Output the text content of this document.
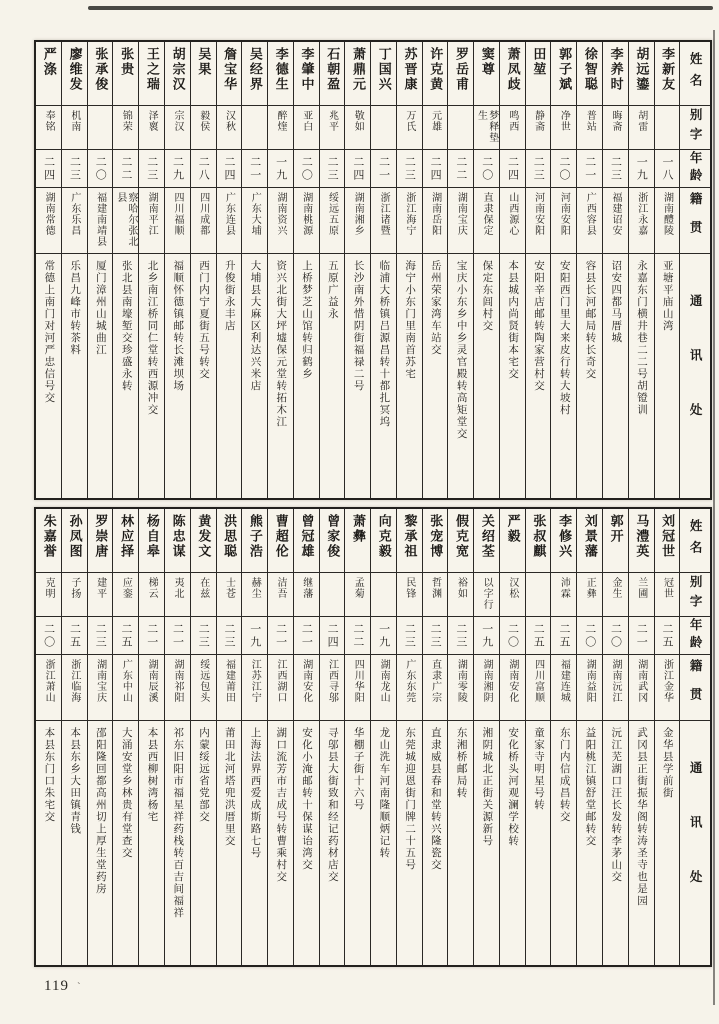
姓名
别字
年龄
籍贯
通讯处
李新友
一八
湖南醴陵
亚塘平庙山湾
胡远鎏
胡雷
一九
浙江永嘉
永嘉东门横井巷二二号胡镫训
李养时
晦斋
二三
福建诏安
诏安四都马厝城
徐智聪
普站
二一
广西容县
容县长河邮局转长奇交
郭子斌
净世
二〇
河南安阳
安阳西门里大来皮行转大坡村
田堃
静斋
二三
河南安阳
安阳辛店邮转陶家营村交
萧凤歧
鸣西
二四
山西源心
本县城内尚贤街本宅交
窦尊
梦释垫生
二〇
直隶保定
保定东闾村交
罗岳甫
二二
湖南宝庆
宝庆小东乡中乡灵官殿转高矩堂交
许克黄
元雄
二四
湖南岳阳
岳州荣家湾车站交
苏晋康
万氏
二三
浙江海宁
海宁小东门里南首苏宅
丁国兴
二一
浙江诸暨
临浦大桥镇吕源昌转十都扎冥坞
萧鼎元
敬如
二四
湖南湘乡
长沙南外惜阴街福禄二号
石朝盈
兆平
二三
绥远五原
五原广益永
李肇中
亚白
二〇
湖南桃源
上桥梦芝山馆转归鹤乡
李德生
醉煃
一九
湖南资兴
资兴北街大坪墟保元堂转拓木江
吴经界
二一
广东大埔
大埔县大麻区利达兴米店
詹宝华
汉秋
二四
广东连县
升俊街永丰店
吴果
毅侯
二八
四川成都
西门内宁夏街五号转交
胡宗汉
宗汉
二九
四川福顺
福顺怀德镇邮转长滩坝场
王之瑞
泽褱
二三
湖南平江
北乡南江桥同仁堂转西源冲交
张贵
锦荣
二二
察哈尔张北县
张北县南壕堑交珍盛永转
张承俊
二〇
福建南靖县
厦门漳州山城曲江
廖维发
机南
二三
广东乐昌
乐昌九峰市转茶料
严涤
奉铭
二四
湖南常德
常德上南门对河严忠信号交
姓名
别字
年龄
籍贯
通讯处
刘冠世
冠世
二五
浙江金华
金华县学前街
马澧英
兰圃
二一
湖南武冈
武冈县正街振华阁转涛圣寺也是园
郭开
金生
二〇
湖南沅江
沅江芜湖口汪长发转李茅山交
刘景藩
正彝
二〇
湖南益阳
益阳桃江镇舒堂邮转交
李修兴
沛霖
二五
福建连城
东门内信成昌转交
张叔麒
二五
四川富顺
童家寺明星号转
严毅
汉松
二〇
湖南安化
安化桥头河观澜学校转
关绍荃
以字行
一九
湖南湘阴
湘阴城北正街关源新号
假克宽
裕如
二三
湖南零陵
东湘桥邮局转
张宠博
哲渊
二三
直隶广宗
直隶威县春和堂转兴隆瓷交
黎承祖
民锋
二三
广东东莞
东莞城迎恩街门牌二十五号
向克毅
一九
湖南龙山
龙山洗车河南隆顺炳记转
萧彝
孟菊
二二
四川华阳
华棚子街十六号
曾家俊
二四
江西寻邬
寻邬县大街致和经记药材店交
曾冠雄
继藩
二一
湖南安化
安化小淹邮转十保谋诒湾交
曹超伦
洁吾
二一
江西湖口
湖口流芳市吉成号转曹乘村交
熊子浩
赫尘
一九
江苏江宁
上海法界西爱成斯路七号
洪思聪
士苍
二三
福建莆田
莆田北河塔兜洪厝里交
黄发文
在兹
二三
绥远包头
内蒙绥远省党部交
陈忠谋
夷北
二一
湖南祁阳
祁东旧阳市福星祥药栈转百吉间福祥
杨自皋
梯云
二一
湖南辰溪
本县西柳树湾杨宅
林应择
应銮
二五
广东中山
大涌安堂乡林贵有堂查交
罗崇唐
建平
二三
湖南宝庆
邵阳隆回都高州切上厚生堂药房
孙凤图
子扬
二五
浙江临海
本县东乡大田镇青钱
朱嘉誉
克明
二〇
浙江萧山
本县东门口朱宅交
119 `
